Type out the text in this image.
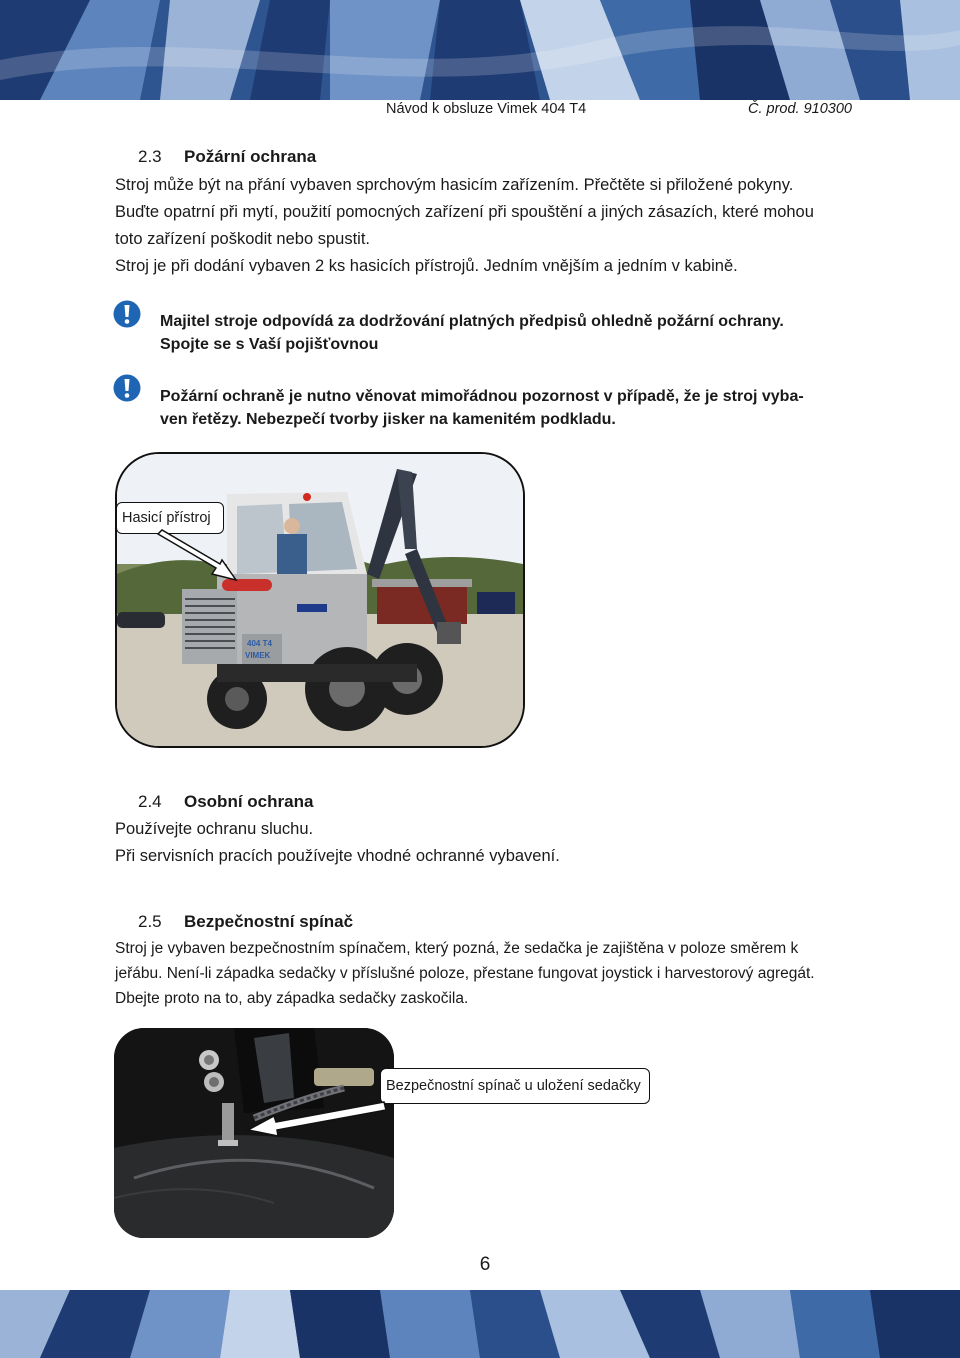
Návod k obsluze Vimek 404 T4	Č. prod. 910300
2.3 Požární ochrana

Stroj může být na přání vybaven sprchovým hasicím zařízením. Přečtěte si přiložené pokyny.

Buďte opatrní při mytí, použití pomocných zařízení při spouštění a jiných zásazích, které mohou

toto zařízení poškodit nebo spustit.

Stroj je při dodání vybaven 2 ks hasicích přístrojů. Jedním vnějším a jedním v kabině.

Majitel stroje odpovídá za dodržování platných předpisů ohledně požární ochrany.
Spojte se s Vaší pojišťovnou
Požární ochraně je nutno věnovat mimořádnou pozornost v případě, že je stroj vyba-
ven řetězy. Nebezpečí tvorby jisker na kamenitém podkladu.
404 T4
VIMEK
Hasicí přístroj
2.4 Osobní ochrana

Používejte ochranu sluchu.

Při servisních pracích používejte vhodné ochranné vybavení.

2.5 Bezpečnostní spínač

Stroj je vybaven bezpečnostním spínačem, který pozná, že sedačka je zajištěna v poloze směrem k

jeřábu. Není-li západka sedačky v příslušné poloze, přestane fungovat joystick i harvestorový agregát.

Dbejte proto na to, aby západka sedačky zaskočila.

Bezpečnostní spínač u uložení sedačky
6
